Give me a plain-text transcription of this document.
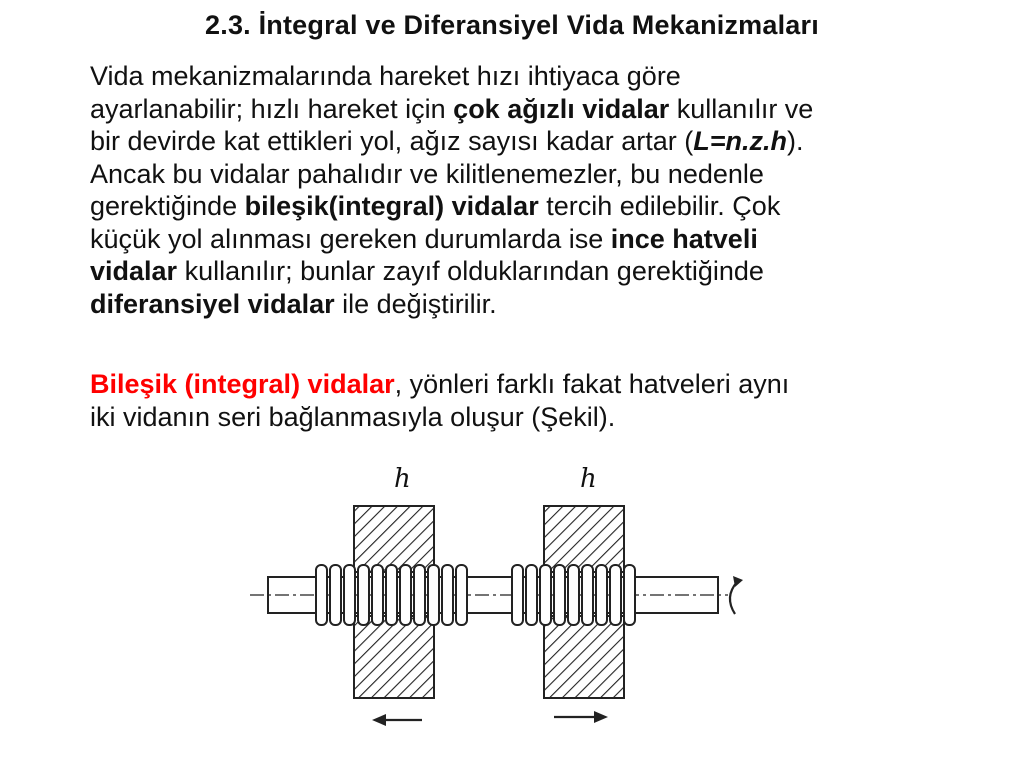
2.3. İntegral ve Diferansiyel Vida Mekanizmaları
Vida mekanizmalarında hareket hızı ihtiyaca göre
ayarlanabilir; hızlı hareket için çok ağızlı vidalar kullanılır ve
bir devirde kat ettikleri yol, ağız sayısı kadar artar (L=n.z.h).
Ancak bu vidalar pahalıdır ve kilitlenemezler, bu nedenle
gerektiğinde bileşik(integral) vidalar tercih edilebilir. Çok
küçük yol alınması gereken durumlarda ise ince hatveli
vidalar kullanılır; bunlar zayıf olduklarından gerektiğinde
diferansiyel vidalar ile değiştirilir.
Bileşik (integral) vidalar, yönleri farklı fakat hatveleri aynı
iki vidanın seri bağlanmasıyla oluşur (Şekil).
h	h
